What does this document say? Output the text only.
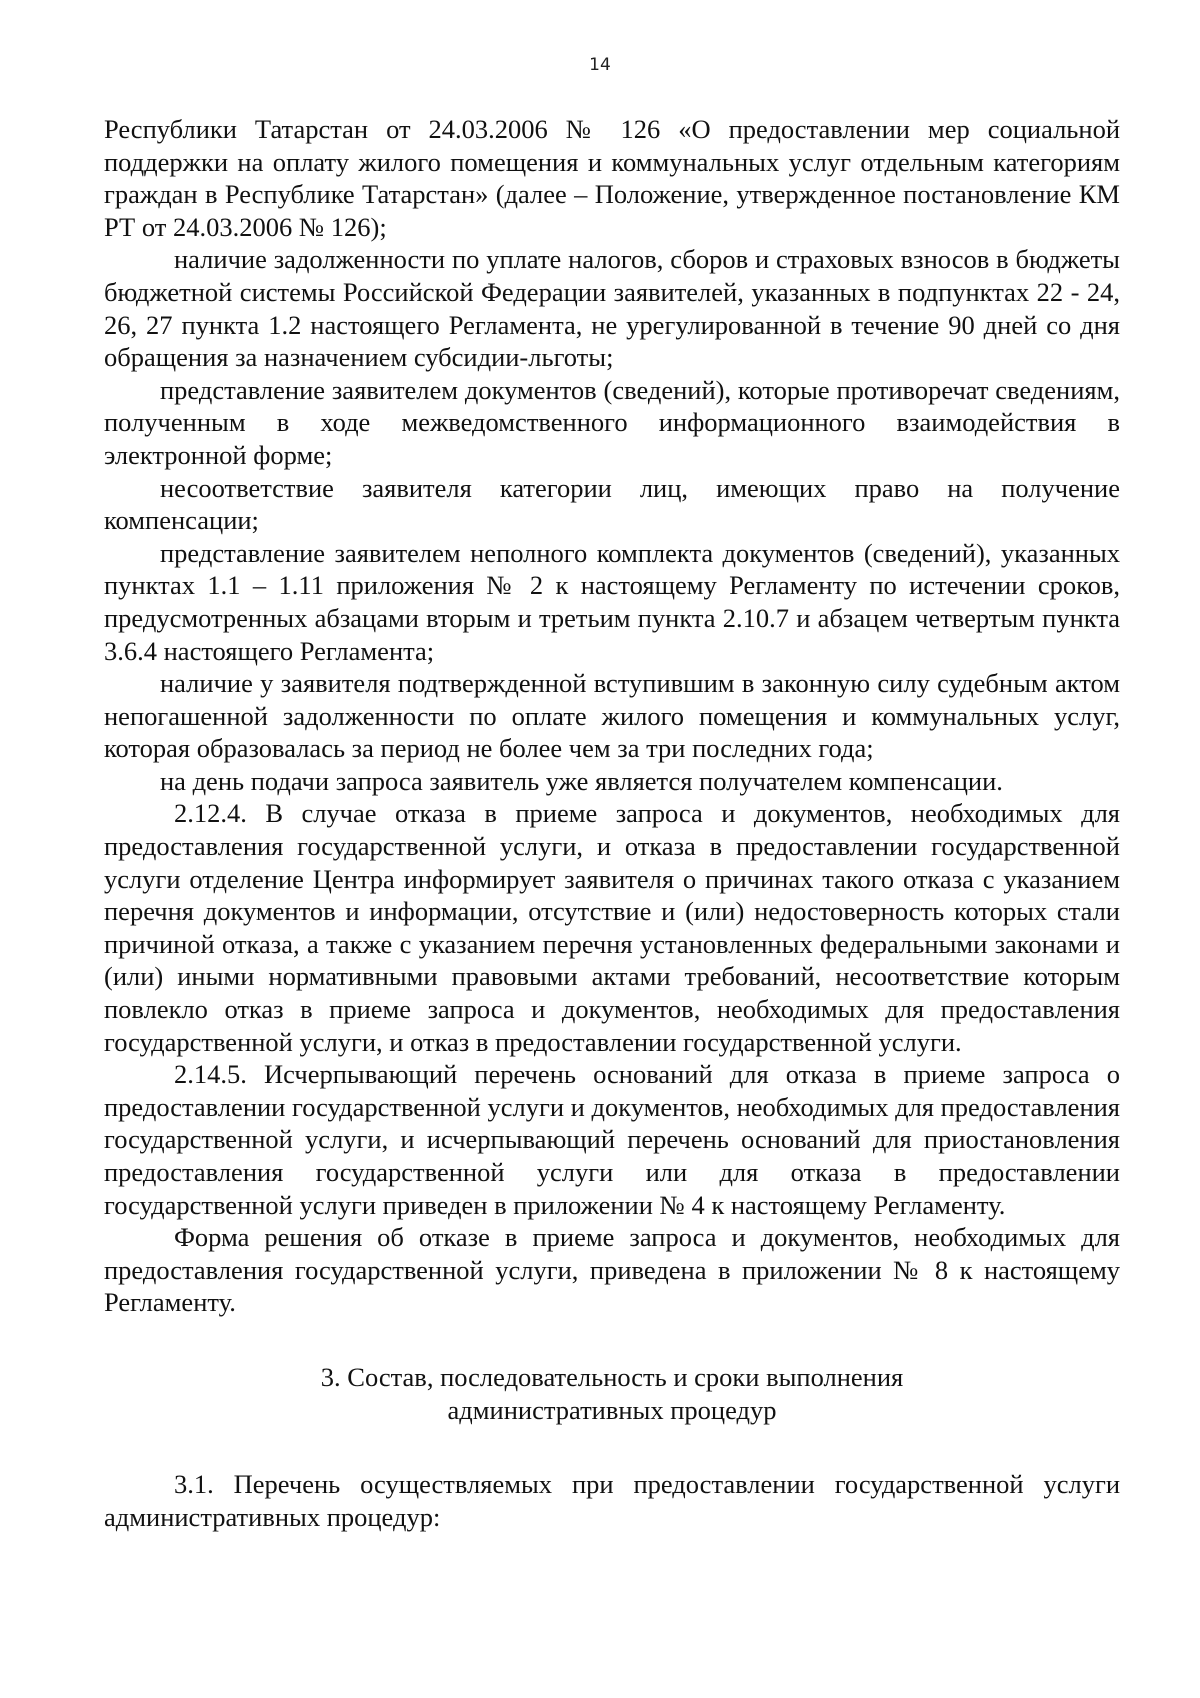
14

Республики Татарстан от 24.03.2006 № 126 «О предоставлении мер социальной поддержки на оплату жилого помещения и коммунальных услуг отдельным категориям граждан в Республике Татарстан» (далее – Положение, утвержденное постановление КМ РТ от 24.03.2006 № 126);

наличие задолженности по уплате налогов, сборов и страховых взносов в бюджеты бюджетной системы Российской Федерации заявителей, указанных в подпунктах 22 - 24, 26, 27 пункта 1.2 настоящего Регламента, не урегулированной в течение 90 дней со дня обращения за назначением субсидии-льготы;

представление заявителем документов (сведений), которые противоречат сведениям, полученным в ходе межведомственного информационного взаимодействия в электронной форме;

несоответствие заявителя категории лиц, имеющих право на получение компенсации;

представление заявителем неполного комплекта документов (сведений), указанных пунктах 1.1 – 1.11 приложения № 2 к настоящему Регламенту по истечении сроков, предусмотренных абзацами вторым и третьим пункта 2.10.7 и абзацем четвертым пункта 3.6.4 настоящего Регламента;

наличие у заявителя подтвержденной вступившим в законную силу судебным актом непогашенной задолженности по оплате жилого помещения и коммунальных услуг, которая образовалась за период не более чем за три последних года;

на день подачи запроса заявитель уже является получателем компенсации.

2.12.4. В случае отказа в приеме запроса и документов, необходимых для предоставления государственной услуги, и отказа в предоставлении государственной услуги отделение Центра информирует заявителя о причинах такого отказа с указанием перечня документов и информации, отсутствие и (или) недостоверность которых стали причиной отказа, а также с указанием перечня установленных федеральными законами и (или) иными нормативными правовыми актами требований, несоответствие которым повлекло отказ в приеме запроса и документов, необходимых для предоставления государственной услуги, и отказ в предоставлении государственной услуги.

2.14.5. Исчерпывающий перечень оснований для отказа в приеме запроса о предоставлении государственной услуги и документов, необходимых для предоставления государственной услуги, и исчерпывающий перечень оснований для приостановления предоставления государственной услуги или для отказа в предоставлении государственной услуги приведен в приложении № 4 к настоящему Регламенту.

Форма решения об отказе в приеме запроса и документов, необходимых для предоставления государственной услуги, приведена в приложении № 8 к настоящему Регламенту.

3. Состав, последовательность и сроки выполнения
административных процедур

3.1. Перечень осуществляемых при предоставлении государственной услуги административных процедур:
